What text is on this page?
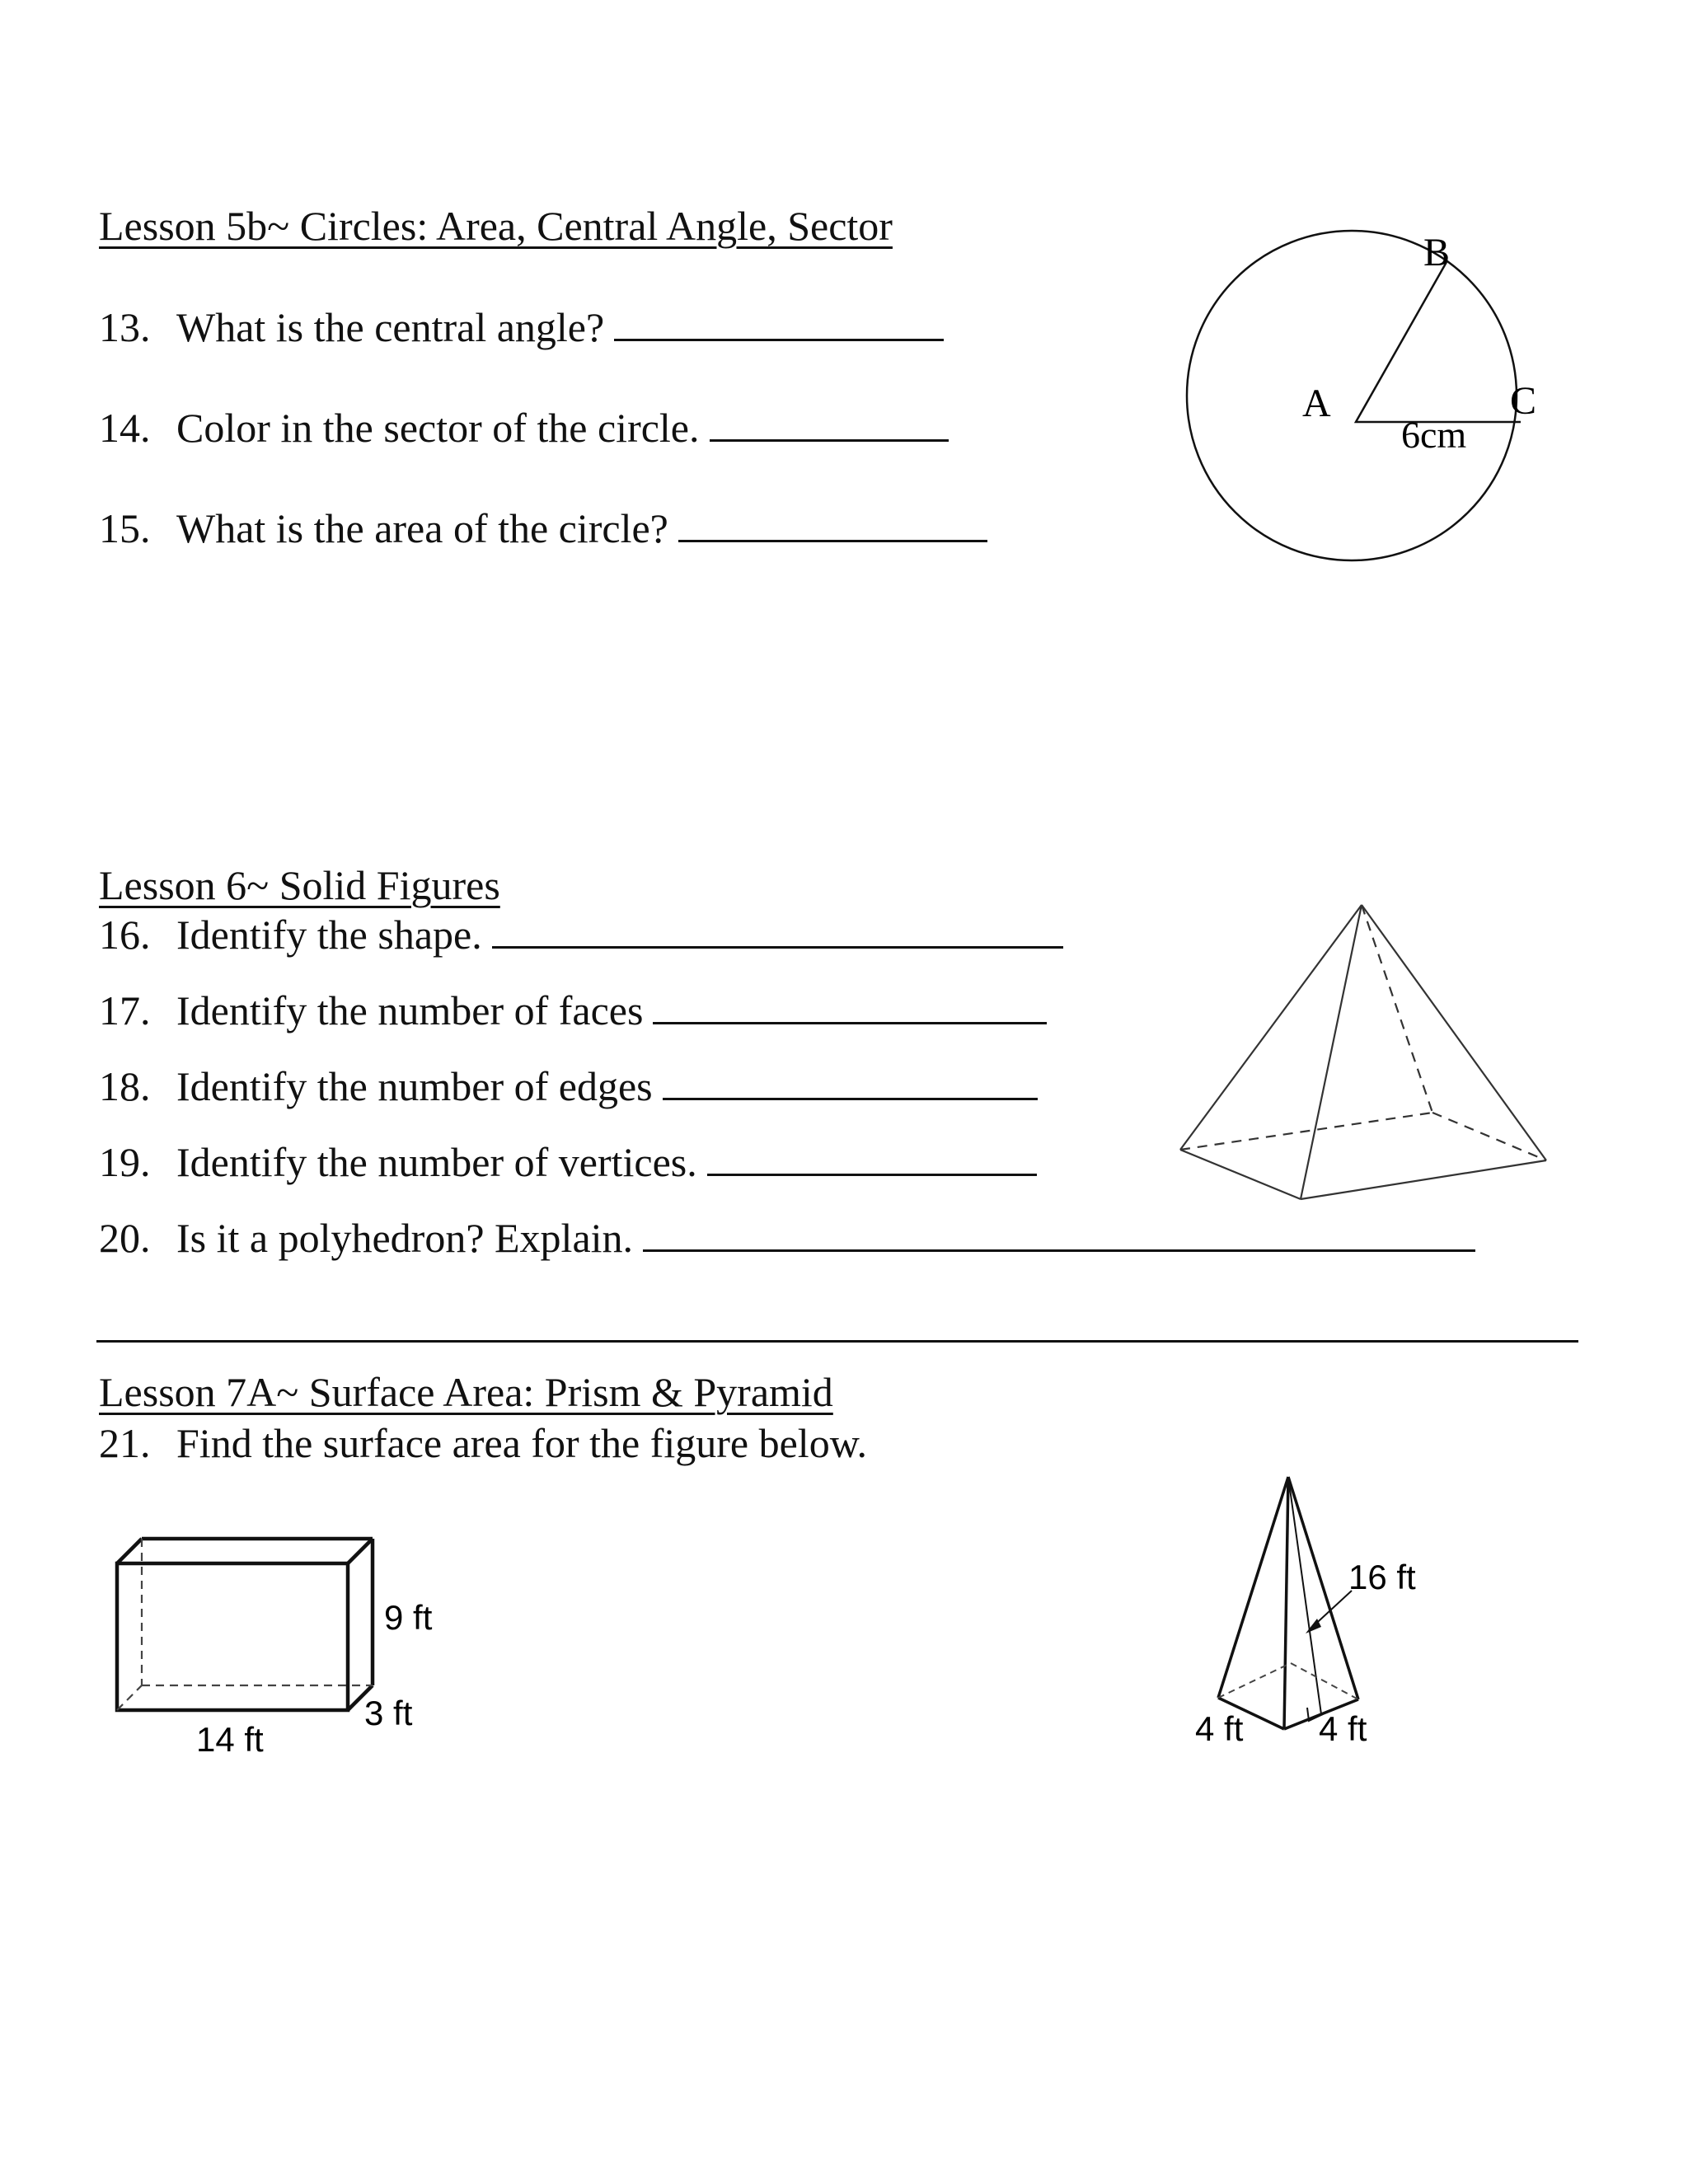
Lesson 5b~ Circles: Area, Central Angle, Sector
13. What is the central angle?
14. Color in the sector of the circle.
15. What is the area of the circle?
A
B
C
6cm
Lesson 6~ Solid Figures
16. Identify the shape.
17. Identify the number of faces
18. Identify the number of edges
19. Identify the number of vertices.
20. Is it a polyhedron? Explain.
Lesson 7A~ Surface Area: Prism & Pyramid
21. Find the surface area for the figure below.
9 ft
3 ft
14 ft
16 ft
4 ft 4 ft
